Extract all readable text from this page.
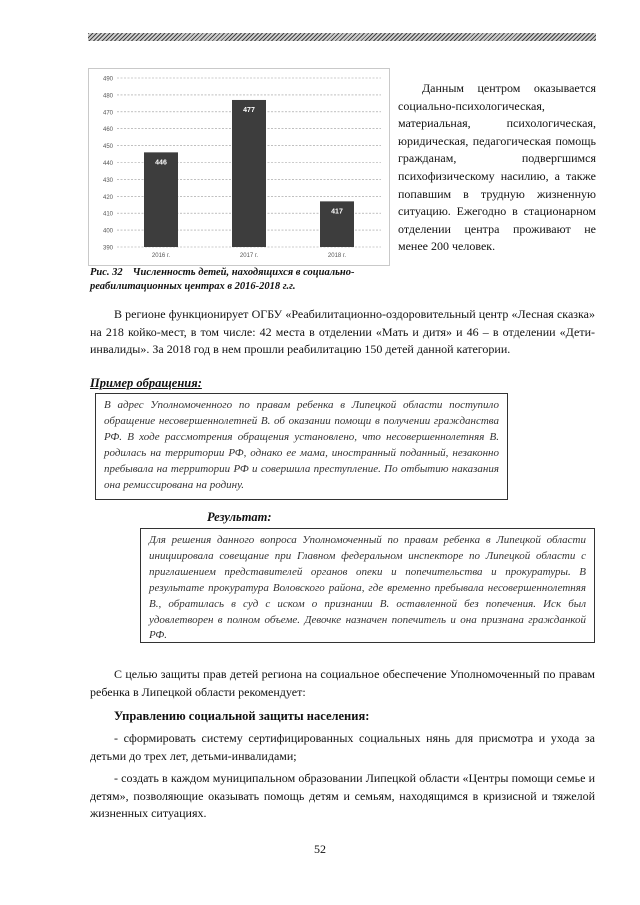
390
400
410
420
430
440
450
460
470
480
490
446
2016 г.
477
2017 г.
417
2018 г.
Рис. 32 Численность детей, находящихся в социально-реабилитационных центрах в 2016-2018 г.г.

Данным центром оказывается социально-психологическая, материальная, психологическая, юридическая, педагогическая помощь гражданам, подвергшимся психофизическому насилию, а также попавшим в трудную жизненную ситуацию. Ежегодно в стационарном отделении центра проживают не менее 200 человек.

В регионе функционирует ОГБУ «Реабилитационно-оздоровительный центр «Лесная сказка» на 218 койко-мест, в том числе: 42 места в отделении «Мать и дитя» и 46 – в отделении «Дети-инвалиды». За 2018 год в нем прошли реабилитацию 150 детей данной категории.

Пример обращения:
В адрес Уполномоченного по правам ребенка в Липецкой области поступило обращение несовершеннолетней В. об оказании помощи в получении гражданства РФ. В ходе рассмотрения обращения установлено, что несовершеннолетняя В. родилась на территории РФ, однако ее мама, иностранный поданный, незаконно пребывала на территории РФ и совершила преступление. По отбытию наказания она ремиссирована на родину.
Результат:
Для решения данного вопроса Уполномоченный по правам ребенка в Липецкой области инициировала совещание при Главном федеральном инспекторе по Липецкой области с приглашением представителей органов опеки и попечительства и прокуратуры. В результате прокуратура Воловского района, где временно пребывала несовершеннолетняя В., обратилась в суд с иском о признании В. оставленной без попечения. Иск был удовлетворен в полном объеме. Девочке назначен попечитель и она признана гражданкой РФ.

С целью защиты прав детей региона на социальное обеспечение Уполномоченный по правам ребенка в Липецкой области рекомендует:

Управлению социальной защиты населения:

- сформировать систему сертифицированных социальных нянь для присмотра и ухода за детьми до трех лет, детьми-инвалидами;

- создать в каждом муниципальном образовании Липецкой области «Центры помощи семье и детям», позволяющие оказывать помощь детям и семьям, находящимся в кризисной и тяжелой жизненных ситуациях.

52
